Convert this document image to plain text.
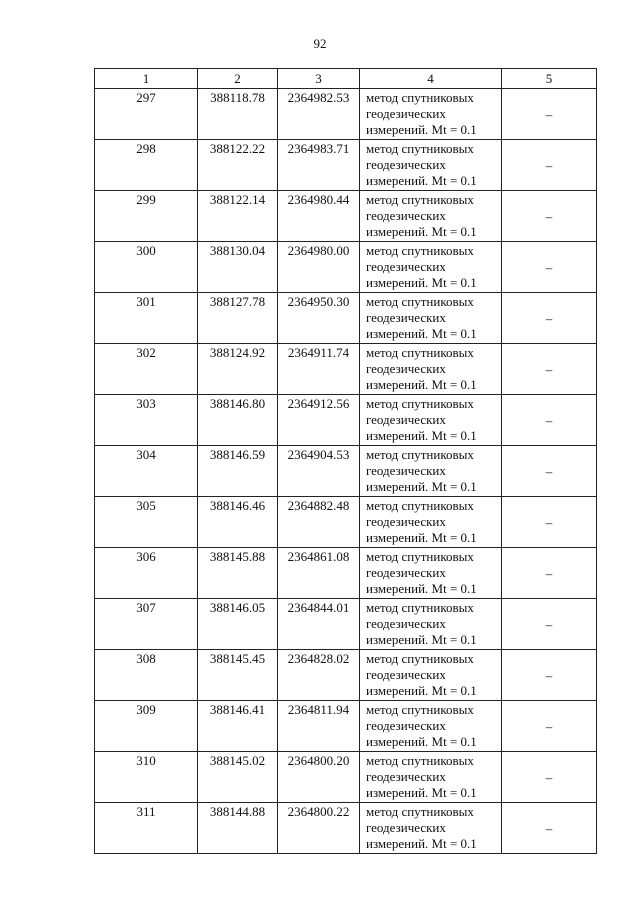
92
1	2	3	4	5
297	388118.78	2364982.53	метод спутниковых
геодезических
измерений. Mt = 0.1	–
298	388122.22	2364983.71	метод спутниковых
геодезических
измерений. Mt = 0.1	–
299	388122.14	2364980.44	метод спутниковых
геодезических
измерений. Mt = 0.1	–
300	388130.04	2364980.00	метод спутниковых
геодезических
измерений. Mt = 0.1	–
301	388127.78	2364950.30	метод спутниковых
геодезических
измерений. Mt = 0.1	–
302	388124.92	2364911.74	метод спутниковых
геодезических
измерений. Mt = 0.1	–
303	388146.80	2364912.56	метод спутниковых
геодезических
измерений. Mt = 0.1	–
304	388146.59	2364904.53	метод спутниковых
геодезических
измерений. Mt = 0.1	–
305	388146.46	2364882.48	метод спутниковых
геодезических
измерений. Mt = 0.1	–
306	388145.88	2364861.08	метод спутниковых
геодезических
измерений. Mt = 0.1	–
307	388146.05	2364844.01	метод спутниковых
геодезических
измерений. Mt = 0.1	–
308	388145.45	2364828.02	метод спутниковых
геодезических
измерений. Mt = 0.1	–
309	388146.41	2364811.94	метод спутниковых
геодезических
измерений. Mt = 0.1	–
310	388145.02	2364800.20	метод спутниковых
геодезических
измерений. Mt = 0.1	–
311	388144.88	2364800.22	метод спутниковых
геодезических
измерений. Mt = 0.1	–
